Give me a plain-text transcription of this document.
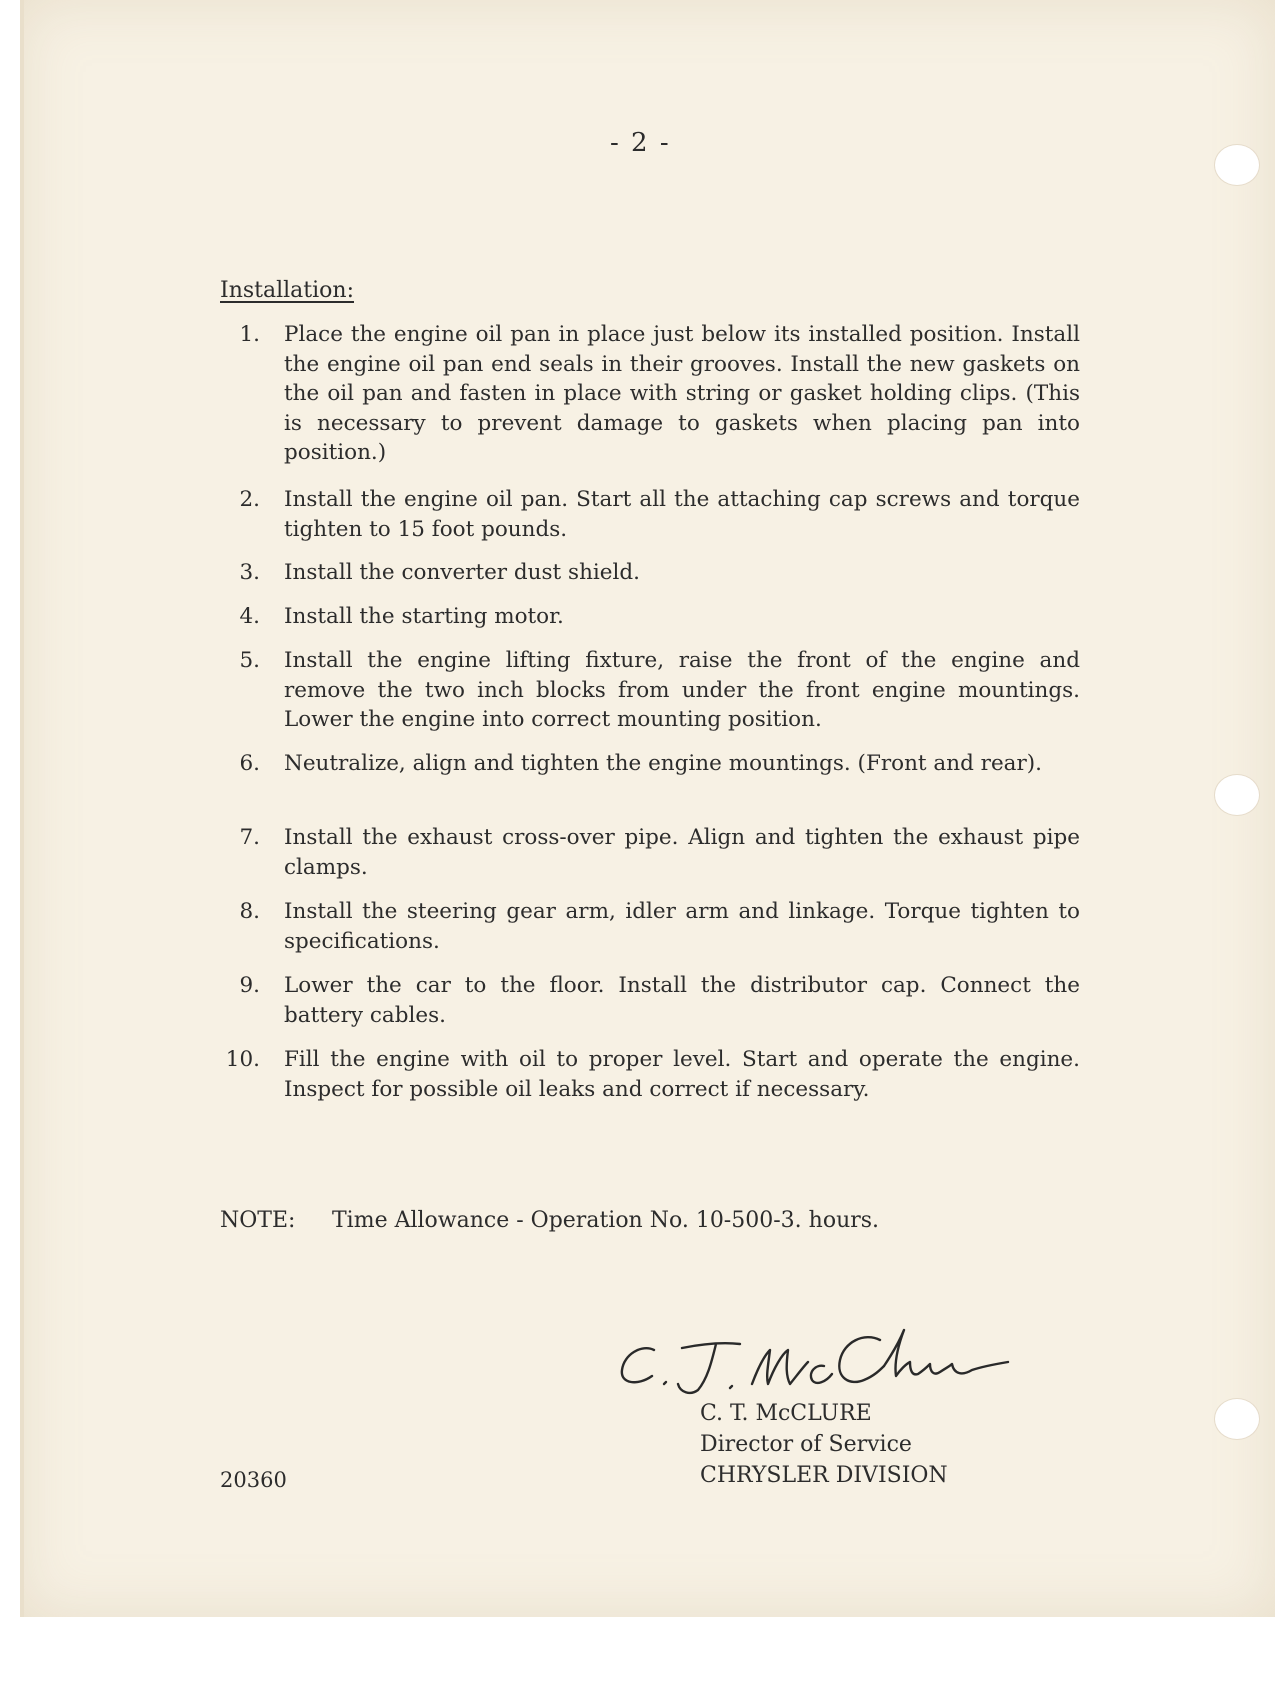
- 2 -
Installation:
1. Place the engine oil pan in place just below its installed position. Install the engine oil pan end seals in their grooves. Install the new gaskets on the oil pan and fasten in place with string or gasket holding clips. (This is necessary to prevent damage to gaskets when placing pan into position.)
2. Install the engine oil pan. Start all the attaching cap screws and torque tighten to 15 foot pounds.
3. Install the converter dust shield.
4. Install the starting motor.
5. Install the engine lifting fixture, raise the front of the engine and remove the two inch blocks from under the front engine mountings. Lower the engine into correct mounting position.
6. Neutralize, align and tighten the engine mountings. (Front and rear).
7. Install the exhaust cross-over pipe. Align and tighten the exhaust pipe clamps.
8. Install the steering gear arm, idler arm and linkage. Torque tighten to specifications.
9. Lower the car to the floor. Install the distributor cap. Connect the battery cables.
10. Fill the engine with oil to proper level. Start and operate the engine. Inspect for possible oil leaks and correct if necessary.
NOTE: Time Allowance - Operation No. 10-500-3. hours.
C. T. McCLURE
Director of Service
CHRYSLER DIVISION
20360
